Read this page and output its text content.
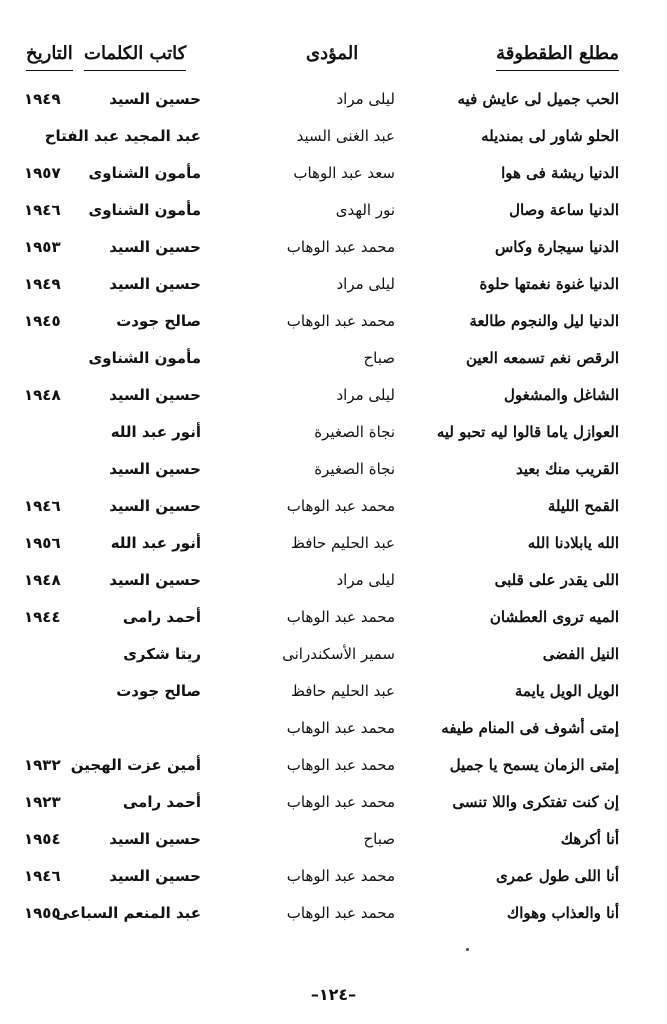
مطلع الطقطوقة
المؤدى
كاتب الكلمات
التاريخ
الحب جميل لى عايش فيه
ليلى مراد
حسين السيد
١٩٤٩
الحلو شاور لى بمنديله
عبد الغنى السيد
عبد المجيد عبد الفتاح
الدنيا ريشة فى هوا
سعد عبد الوهاب
مأمون الشناوى
١٩٥٧
الدنيا ساعة وصال
نور الهدى
مأمون الشناوى
١٩٤٦
الدنيا سيجارة وكاس
محمد عبد الوهاب
حسين السيد
١٩٥٣
الدنيا غنوة نغمتها حلوة
ليلى مراد
حسين السيد
١٩٤٩
الدنيا ليل والنجوم طالعة
محمد عبد الوهاب
صالح جودت
١٩٤٥
الرقص نغم تسمعه العين
صباح
مأمون الشناوى
الشاغل والمشغول
ليلى مراد
حسين السيد
١٩٤٨
العوازل ياما قالوا ليه تحبو ليه
نجاة الصغيرة
أنور عبد الله
القريب منك بعيد
نجاة الصغيرة
حسين السيد
القمح الليلة
محمد عبد الوهاب
حسين السيد
١٩٤٦
الله يابلادنا الله
عبد الحليم حافظ
أنور عبد الله
١٩٥٦
اللى يقدر على قلبى
ليلى مراد
حسين السيد
١٩٤٨
الميه تروى العطشان
محمد عبد الوهاب
أحمد رامى
١٩٤٤
النيل الفضى
سمير الأسكندرانى
ريتا شكرى
الويل الويل يايمة
عبد الحليم حافظ
صالح جودت
إمتى أشوف فى المنام طيفه
محمد عبد الوهاب
إمتى الزمان يسمح يا جميل
محمد عبد الوهاب
أمين عزت الهجين
١٩٣٢
إن كنت تفتكرى واللا تنسى
محمد عبد الوهاب
أحمد رامى
١٩٢٣
أنا أكرهك
صباح
حسين السيد
١٩٥٤
أنا اللى طول عمرى
محمد عبد الوهاب
حسين السيد
١٩٤٦
أنا والعذاب وهواك
محمد عبد الوهاب
عبد المنعم السباعى
١٩٥٥
–١٢٤–
